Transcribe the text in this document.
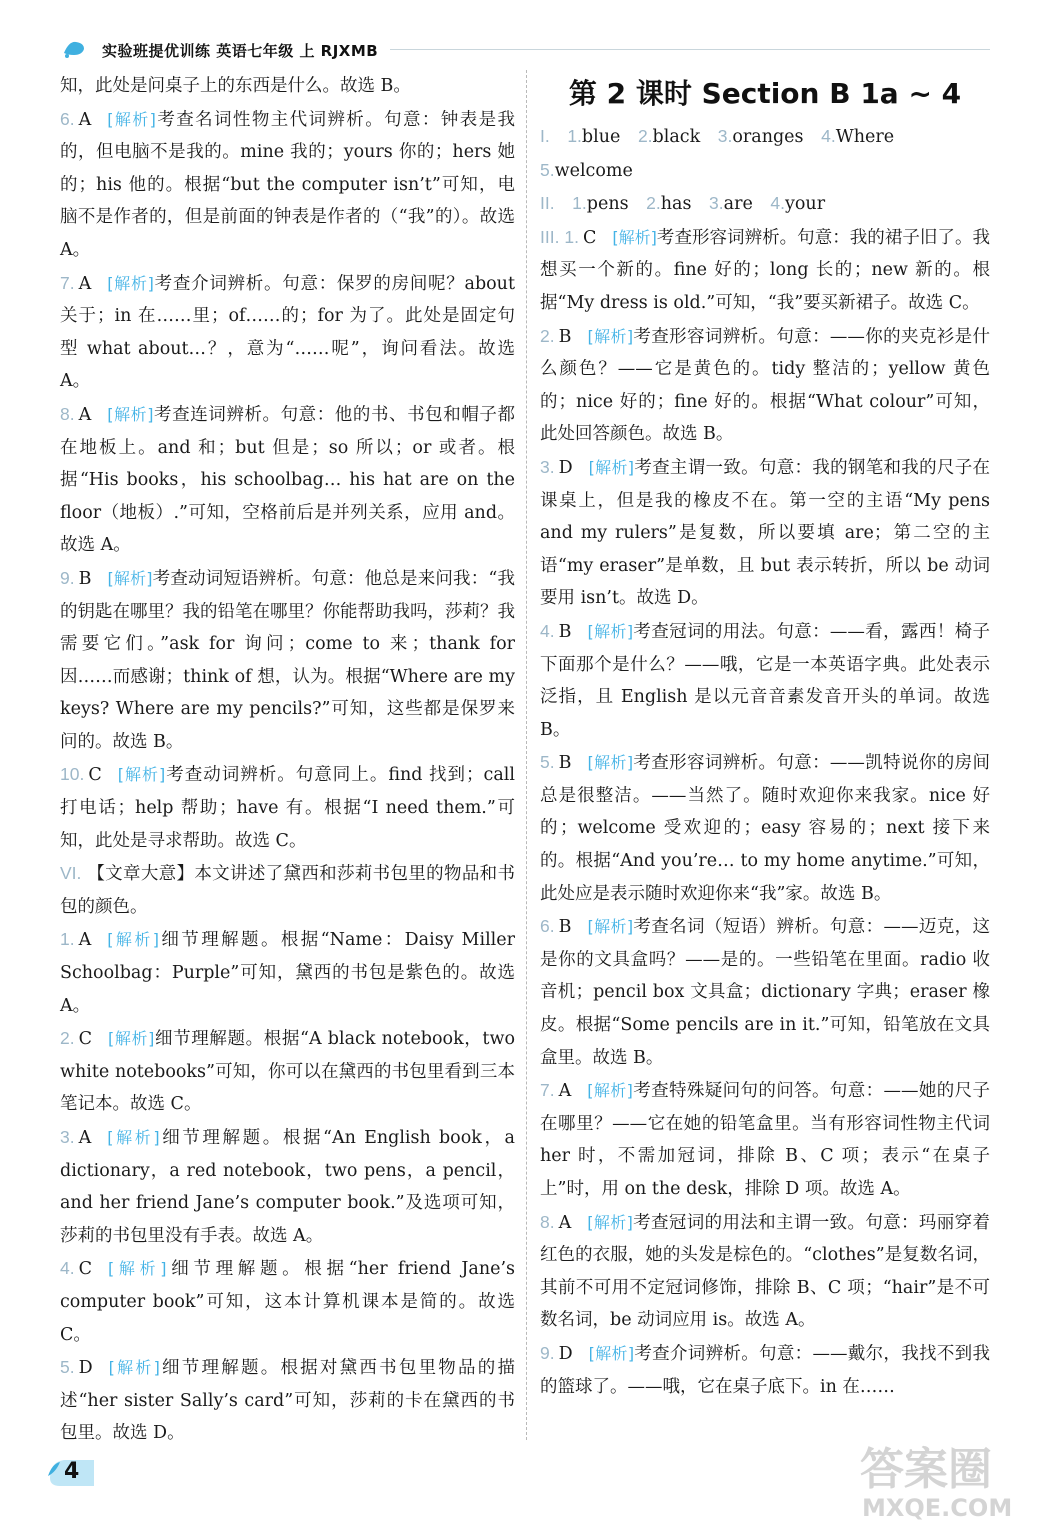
实验班提优训练 英语七年级 上 RJXMB

知，此处是问桌子上的东西是什么。故选 B。

6. A [解析]考查名词性物主代词辨析。句意：钟表是我的，但电脑不是我的。mine 我的；yours 你的；hers 她的；his 他的。根据“but the computer isn’t”可知，电脑不是作者的，但是前面的钟表是作者的（“我”的）。故选 A。

7. A [解析]考查介词辨析。句意：保罗的房间呢？about 关于；in 在……里；of……的；for 为了。此处是固定句型 what about…？，意为“……呢”，询问看法。故选 A。

8. A [解析]考查连词辨析。句意：他的书、书包和帽子都在地板上。and 和；but 但是；so 所以；or 或者。根据“His books，his schoolbag… his hat are on the floor（地板）.”可知，空格前后是并列关系，应用 and。故选 A。

9. B [解析]考查动词短语辨析。句意：他总是来问我：“我的钥匙在哪里？我的铅笔在哪里？你能帮助我吗，莎莉？我需要它们。”ask for 询问；come to 来；thank for 因……而感谢；think of 想，认为。根据“Where are my keys? Where are my pencils?”可知，这些都是保罗来问的。故选 B。

10. C [解析]考查动词辨析。句意同上。find 找到；call 打电话；help 帮助；have 有。根据“I need them.”可知，此处是寻求帮助。故选 C。

VI. 【文章大意】本文讲述了黛西和莎莉书包里的物品和书包的颜色。

1. A [解析]细节理解题。根据“Name：Daisy Miller Schoolbag：Purple”可知，黛西的书包是紫色的。故选 A。

2. C [解析]细节理解题。根据“A black notebook，two white notebooks”可知，你可以在黛西的书包里看到三本笔记本。故选 C。

3. A [解析]细节理解题。根据“An English book，a dictionary，a red notebook，two pens，a pencil，and her friend Jane’s computer book.”及选项可知，莎莉的书包里没有手表。故选 A。

4. C [解析]细节理解题。根据“her friend Jane’s computer book”可知，这本计算机课本是简的。故选 C。

5. D [解析]细节理解题。根据对黛西书包里物品的描述“her sister Sally’s card”可知，莎莉的卡在黛西的书包里。故选 D。

第 2 课时 Section B 1a ~ 4

I. 1.blue 2.black 3.oranges 4.Where

5.welcome

II. 1.pens 2.has 3.are 4.your

III. 1. C [解析]考查形容词辨析。句意：我的裙子旧了。我想买一个新的。fine 好的；long 长的；new 新的。根据“My dress is old.”可知，“我”要买新裙子。故选 C。

2. B [解析]考查形容词辨析。句意：——你的夹克衫是什么颜色？——它是黄色的。tidy 整洁的；yellow 黄色的；nice 好的；fine 好的。根据“What colour”可知，此处回答颜色。故选 B。

3. D [解析]考查主谓一致。句意：我的钢笔和我的尺子在课桌上，但是我的橡皮不在。第一空的主语“My pens and my rulers”是复数，所以要填 are；第二空的主语“my eraser”是单数，且 but 表示转折，所以 be 动词要用 isn’t。故选 D。

4. B [解析]考查冠词的用法。句意：——看，露西！椅子下面那个是什么？——哦，它是一本英语字典。此处表示泛指，且 English 是以元音音素发音开头的单词。故选 B。

5. B [解析]考查形容词辨析。句意：——凯特说你的房间总是很整洁。——当然了。随时欢迎你来我家。nice 好的；welcome 受欢迎的；easy 容易的；next 接下来的。根据“And you’re… to my home anytime.”可知，此处应是表示随时欢迎你来“我”家。故选 B。

6. B [解析]考查名词（短语）辨析。句意：——迈克，这是你的文具盒吗？——是的。一些铅笔在里面。radio 收音机；pencil box 文具盒；dictionary 字典；eraser 橡皮。根据“Some pencils are in it.”可知，铅笔放在文具盒里。故选 B。

7. A [解析]考查特殊疑问句的问答。句意：——她的尺子在哪里？——它在她的铅笔盒里。当有形容词性物主代词 her 时，不需加冠词，排除 B、C 项；表示“在桌子上”时，用 on the desk，排除 D 项。故选 A。

8. A [解析]考查冠词的用法和主谓一致。句意：玛丽穿着红色的衣服，她的头发是棕色的。“clothes”是复数名词，其前不可用不定冠词修饰，排除 B、C 项；“hair”是不可数名词，be 动词应用 is。故选 A。

9. D [解析]考查介词辨析。句意：——戴尔，我找不到我的篮球了。——哦，它在桌子底下。in 在……

4	答案圈
MXQE.COM
